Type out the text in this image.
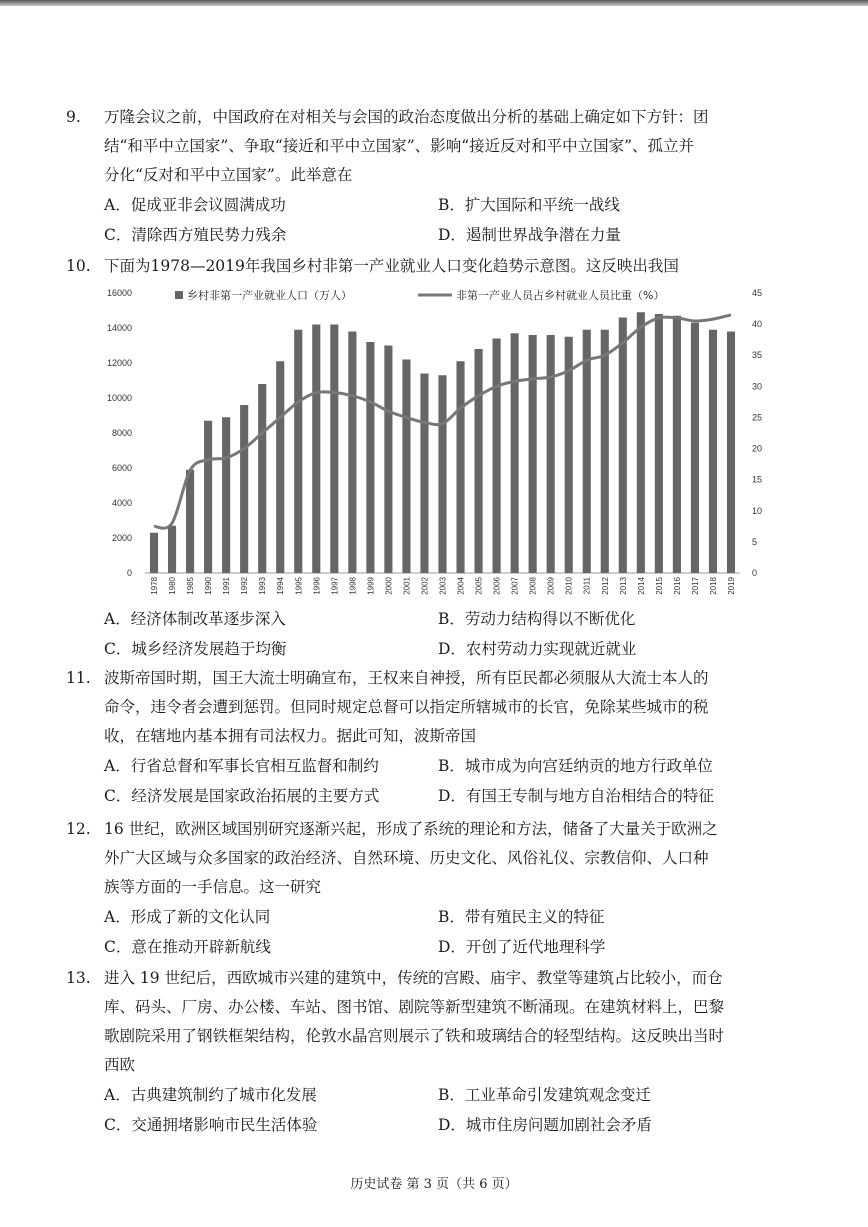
9. 万隆会议之前，中国政府在对相关与会国的政治态度做出分析的基础上确定如下方针：团
结“和平中立国家”、争取“接近和平中立国家”、影响“接近反对和平中立国家”、孤立并
分化“反对和平中立国家”。此举意在
A．促成亚非会议圆满成功	B．扩大国际和平统一战线
C．清除西方殖民势力残余	D．遏制世界战争潜在力量
10. 下面为1978—2019年我国乡村非第一产业就业人口变化趋势示意图。这反映出我国
0
2000
4000
6000
8000
10000
12000
14000
16000
0
5
10
15
20
25
30
35
40
45
1978 1980 1985 1990 1991 1992 1993 1994 1995 1996 1997 1998 1999 2000 2001 2002 2003 2004 2005 2006 2007 2008 2009 2010 2011 2012 2013 2014 2015 2016 2017 2018 2019
乡村非第一产业就业人口（万人）	非第一产业人员占乡村就业人员比重（%）
A．经济体制改革逐步深入	B．劳动力结构得以不断优化
C．城乡经济发展趋于均衡	D．农村劳动力实现就近就业
11. 波斯帝国时期，国王大流士明确宣布，王权来自神授，所有臣民都必须服从大流士本人的
命令，违令者会遭到惩罚。但同时规定总督可以指定所辖城市的长官，免除某些城市的税
收，在辖地内基本拥有司法权力。据此可知，波斯帝国
A．行省总督和军事长官相互监督和制约	B．城市成为向宫廷纳贡的地方行政单位
C．经济发展是国家政治拓展的主要方式	D．有国王专制与地方自治相结合的特征
12. 16 世纪，欧洲区域国别研究逐渐兴起，形成了系统的理论和方法，储备了大量关于欧洲之
外广大区域与众多国家的政治经济、自然环境、历史文化、风俗礼仪、宗教信仰、人口种
族等方面的一手信息。这一研究
A．形成了新的文化认同	B．带有殖民主义的特征
C．意在推动开辟新航线	D．开创了近代地理科学
13. 进入 19 世纪后，西欧城市兴建的建筑中，传统的宫殿、庙宇、教堂等建筑占比较小，而仓
库、码头、厂房、办公楼、车站、图书馆、剧院等新型建筑不断涌现。在建筑材料上，巴黎
歌剧院采用了钢铁框架结构，伦敦水晶宫则展示了铁和玻璃结合的轻型结构。这反映出当时
西欧
A．古典建筑制约了城市化发展	B．工业革命引发建筑观念变迁
C．交通拥堵影响市民生活体验	D．城市住房问题加剧社会矛盾
历史试卷 第 3 页（共 6 页）
